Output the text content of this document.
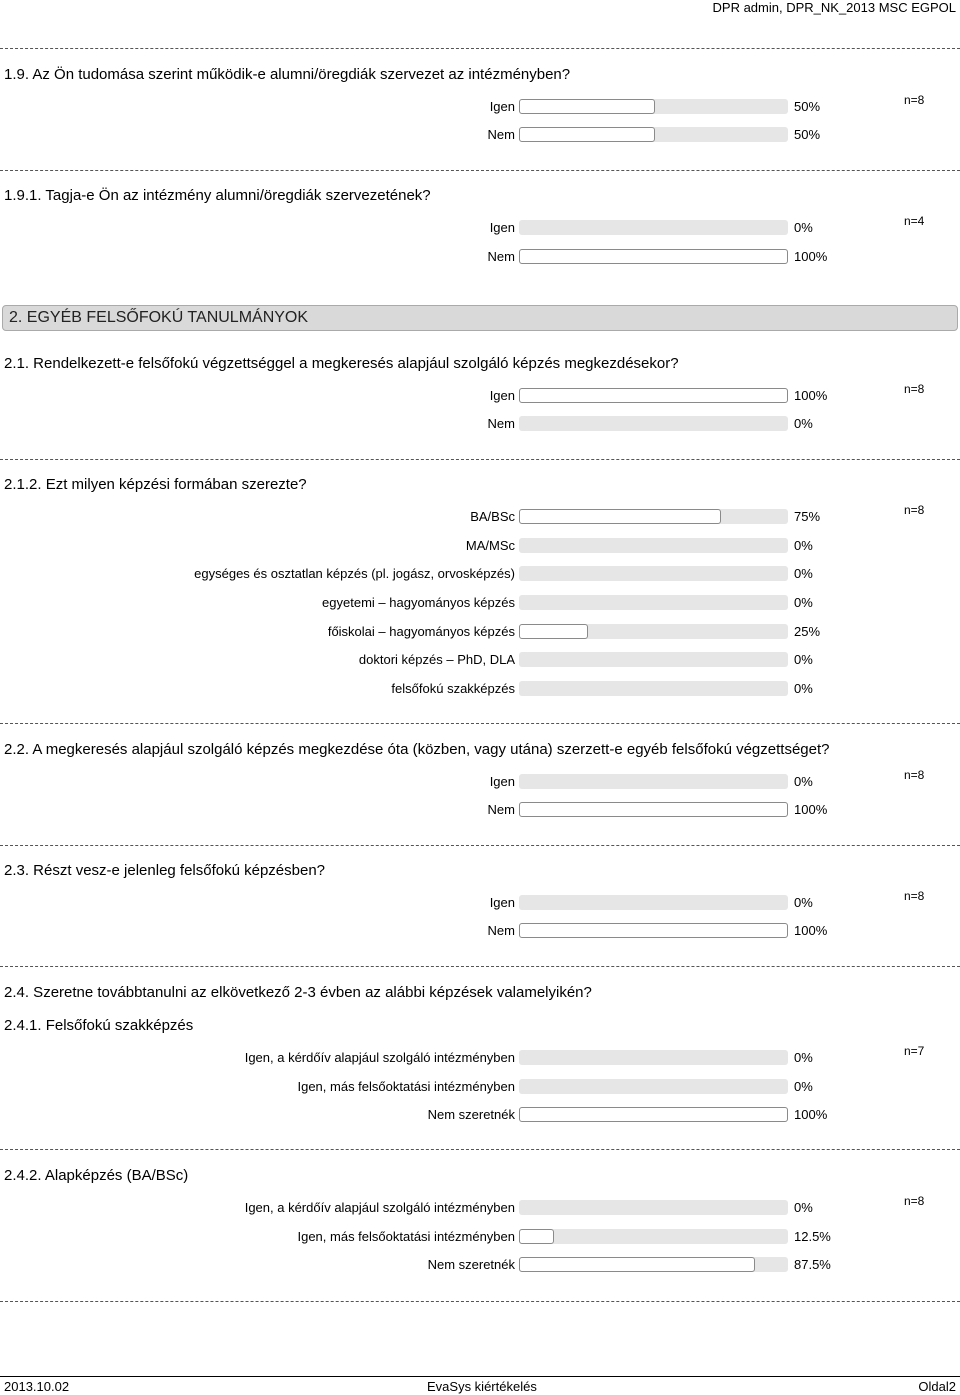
DPR admin, DPR_NK_2013 MSC EGPOL
1.9. Az Ön tudomása szerint működik-e alumni/öregdiák szervezet az intézményben?
n=8
Igen	50%
Nem	50%
1.9.1. Tagja-e Ön az intézmény alumni/öregdiák szervezetének?
n=4
Igen	0%
Nem	100%
2. EGYÉB FELSŐFOKÚ TANULMÁNYOK
2.1. Rendelkezett-e felsőfokú végzettséggel a megkeresés alapjául szolgáló képzés megkezdésekor?
n=8
Igen	100%
Nem	0%
2.1.2. Ezt milyen képzési formában szerezte?
n=8
BA/BSc	75%
MA/MSc	0%
egységes és osztatlan képzés (pl. jogász, orvosképzés)	0%
egyetemi – hagyományos képzés	0%
főiskolai – hagyományos képzés	25%
doktori képzés – PhD, DLA	0%
felsőfokú szakképzés	0%
2.2. A megkeresés alapjául szolgáló képzés megkezdése óta (közben, vagy utána) szerzett-e egyéb felsőfokú végzettséget?
n=8
Igen	0%
Nem	100%
2.3. Részt vesz-e jelenleg felsőfokú képzésben?
n=8
Igen	0%
Nem	100%
2.4. Szeretne továbbtanulni az elkövetkező 2-3 évben az alábbi képzések valamelyikén?
2.4.1. Felsőfokú szakképzés
n=7
Igen, a kérdőív alapjául szolgáló intézményben	0%
Igen, más felsőoktatási intézményben	0%
Nem szeretnék	100%
2.4.2. Alapképzés (BA/BSc)
n=8
Igen, a kérdőív alapjául szolgáló intézményben	0%
Igen, más felsőoktatási intézményben	12.5%
Nem szeretnék	87.5%
2013.10.02	EvaSys kiértékelés	Oldal2
